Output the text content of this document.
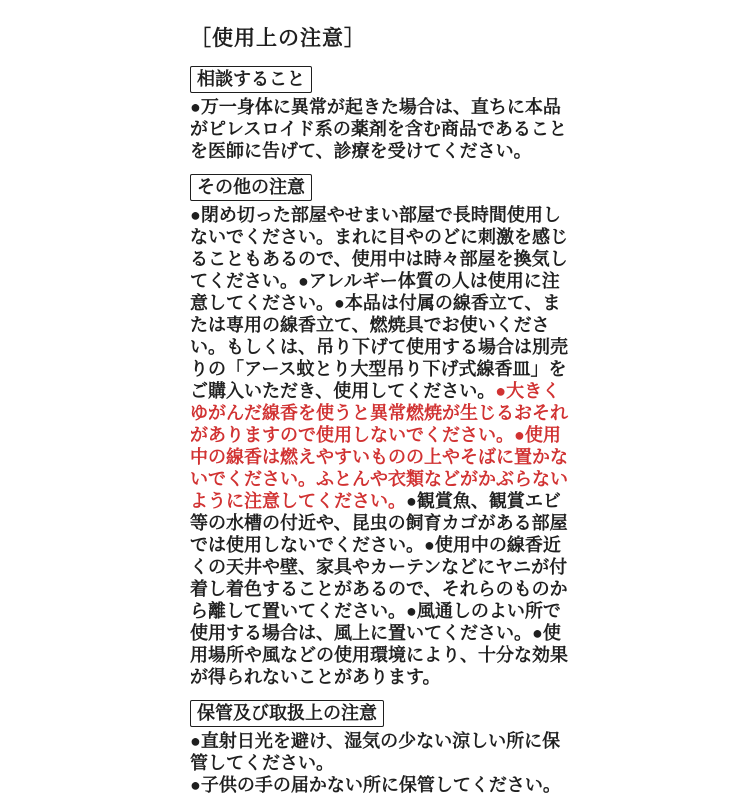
［使用上の注意］
相談すること

●万一身体に異常が起きた場合は、直ちに本品がピレスロイド系の薬剤を含む商品であることを医師に告げて、診療を受けてください。

その他の注意

●閉め切った部屋やせまい部屋で長時間使用しないでください。まれに目やのどに刺激を感じることもあるので、使用中は時々部屋を換気してください。●アレルギー体質の人は使用に注意してください。●本品は付属の線香立て、または専用の線香立て、燃焼具でお使いください。もしくは、吊り下げて使用する場合は別売りの「アース蚊とり大型吊り下げ式線香皿」をご購入いただき、使用してください。●大きくゆがんだ線香を使うと異常燃焼が生じるおそれがありますので使用しないでください。●使用中の線香は燃えやすいものの上やそばに置かないでください。ふとんや衣類などがかぶらないように注意してください。●観賞魚、観賞エビ等の水槽の付近や、昆虫の飼育カゴがある部屋では使用しないでください。●使用中の線香近くの天井や壁、家具やカーテンなどにヤニが付着し着色することがあるので、それらのものから離して置いてください。●風通しのよい所で使用する場合は、風上に置いてください。●使用場所や風などの使用環境により、十分な効果が得られないことがあります。

保管及び取扱上の注意

●直射日光を避け、湿気の少ない涼しい所に保管してください。

●子供の手の届かない所に保管してください。
